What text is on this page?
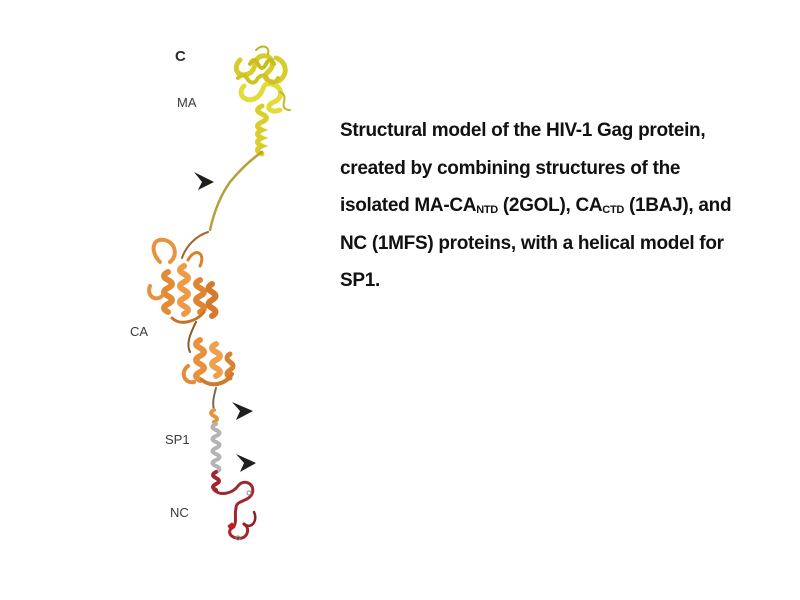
C
MA
CA
SP1
NC
Structural model of the HIV-1 Gag protein, created by combining structures of the isolated $MA-CA_{NTD}$ (2GOL), $CA_{CTD}$ (1BAJ), and NC (1MFS) proteins, with a helical model for SP1.
